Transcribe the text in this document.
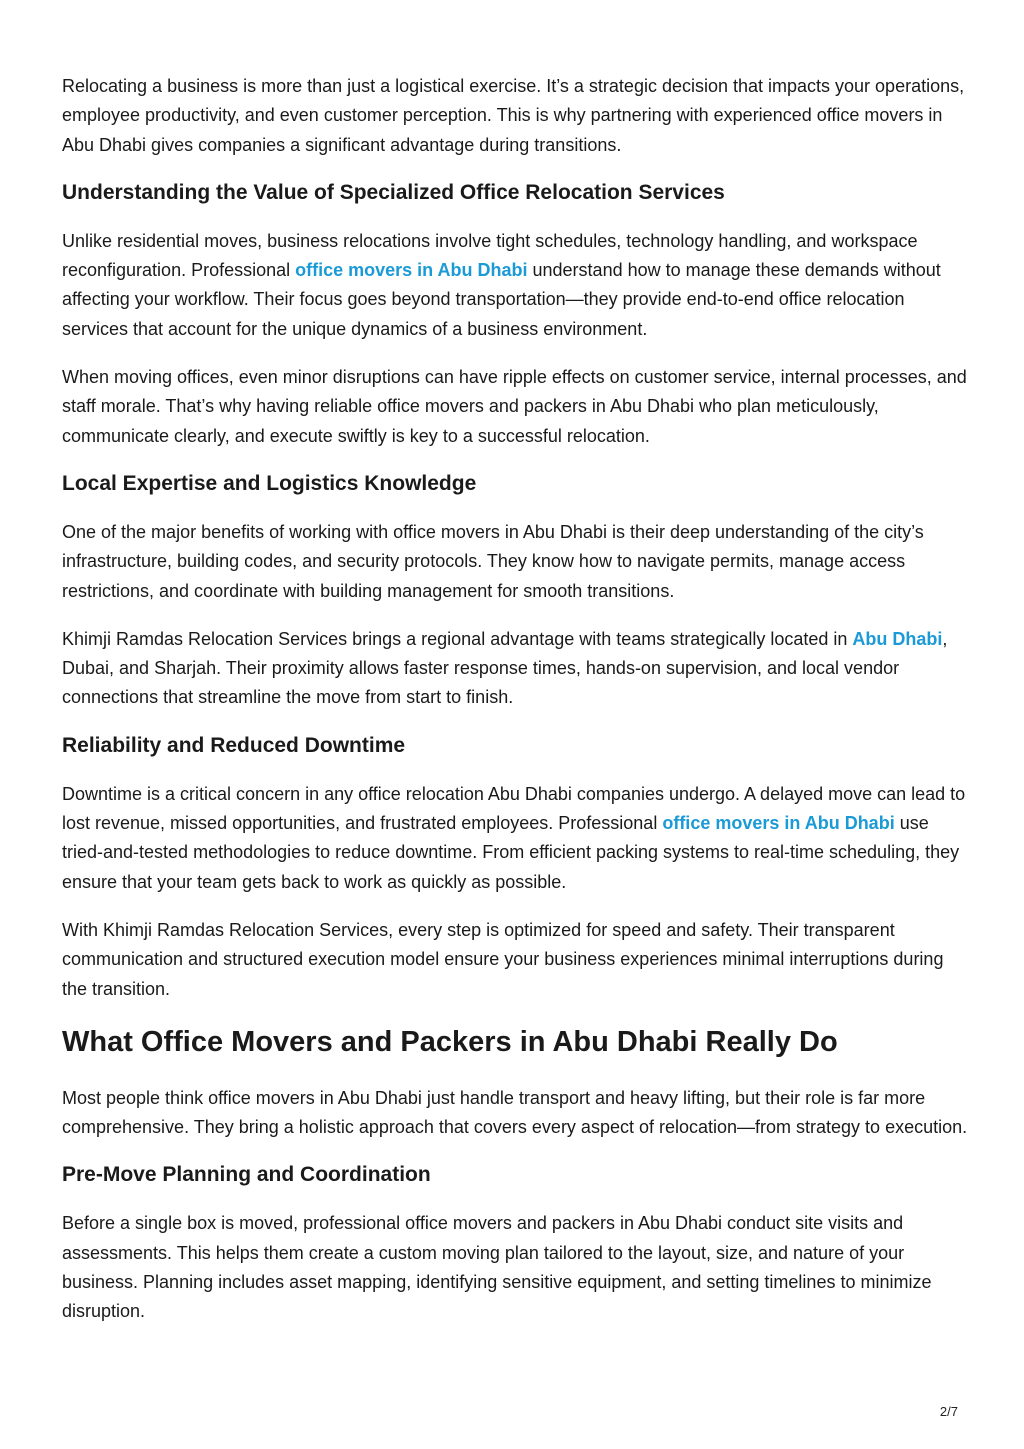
Relocating a business is more than just a logistical exercise. It’s a strategic decision that impacts your operations, employee productivity, and even customer perception. This is why partnering with experienced office movers in Abu Dhabi gives companies a significant advantage during transitions.

Understanding the Value of Specialized Office Relocation Services

Unlike residential moves, business relocations involve tight schedules, technology handling, and workspace reconfiguration. Professional office movers in Abu Dhabi understand how to manage these demands without affecting your workflow. Their focus goes beyond transportation—they provide end-to-end office relocation services that account for the unique dynamics of a business environment.

When moving offices, even minor disruptions can have ripple effects on customer service, internal processes, and staff morale. That’s why having reliable office movers and packers in Abu Dhabi who plan meticulously, communicate clearly, and execute swiftly is key to a successful relocation.

Local Expertise and Logistics Knowledge

One of the major benefits of working with office movers in Abu Dhabi is their deep understanding of the city’s infrastructure, building codes, and security protocols. They know how to navigate permits, manage access restrictions, and coordinate with building management for smooth transitions.

Khimji Ramdas Relocation Services brings a regional advantage with teams strategically located in Abu Dhabi, Dubai, and Sharjah. Their proximity allows faster response times, hands-on supervision, and local vendor connections that streamline the move from start to finish.

Reliability and Reduced Downtime

Downtime is a critical concern in any office relocation Abu Dhabi companies undergo. A delayed move can lead to lost revenue, missed opportunities, and frustrated employees. Professional office movers in Abu Dhabi use tried-and-tested methodologies to reduce downtime. From efficient packing systems to real-time scheduling, they ensure that your team gets back to work as quickly as possible.

With Khimji Ramdas Relocation Services, every step is optimized for speed and safety. Their transparent communication and structured execution model ensure your business experiences minimal interruptions during the transition.

What Office Movers and Packers in Abu Dhabi Really Do

Most people think office movers in Abu Dhabi just handle transport and heavy lifting, but their role is far more comprehensive. They bring a holistic approach that covers every aspect of relocation—from strategy to execution.

Pre-Move Planning and Coordination

Before a single box is moved, professional office movers and packers in Abu Dhabi conduct site visits and assessments. This helps them create a custom moving plan tailored to the layout, size, and nature of your business. Planning includes asset mapping, identifying sensitive equipment, and setting timelines to minimize disruption.

2/7
